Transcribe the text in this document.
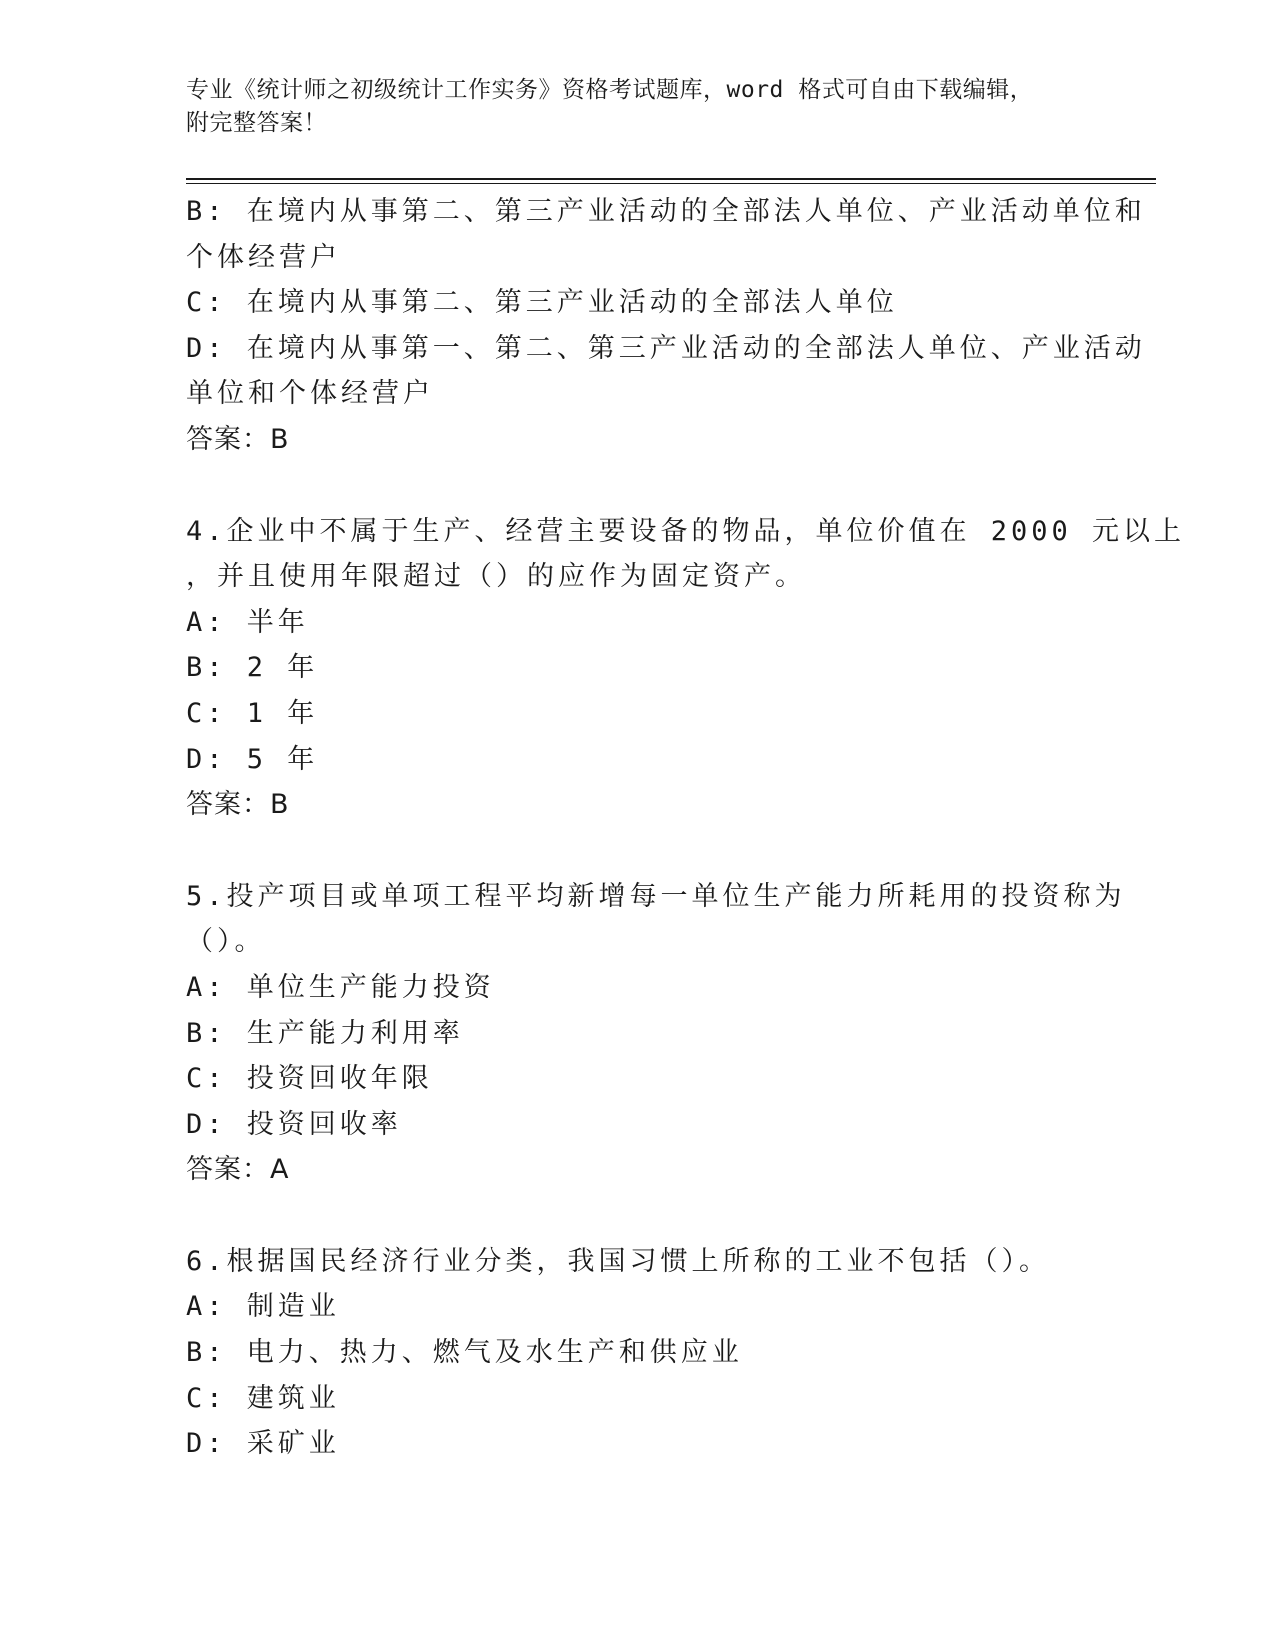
专业《统计师之初级统计工作实务》资格考试题库，word 格式可自由下载编辑，
附完整答案！
B: 在境内从事第二、第三产业活动的全部法人单位、产业活动单位和
个体经营户
C: 在境内从事第二、第三产业活动的全部法人单位
D: 在境内从事第一、第二、第三产业活动的全部法人单位、产业活动
单位和个体经营户
答案：B
4.企业中不属于生产、经营主要设备的物品，单位价值在 2000 元以上
，并且使用年限超过（）的应作为固定资产。
A: 半年
B: 2 年
C: 1 年
D: 5 年
答案：B
5.投产项目或单项工程平均新增每一单位生产能力所耗用的投资称为
（）。
A: 单位生产能力投资
B: 生产能力利用率
C: 投资回收年限
D: 投资回收率
答案：A
6.根据国民经济行业分类，我国习惯上所称的工业不包括（）。
A: 制造业
B: 电力、热力、燃气及水生产和供应业
C: 建筑业
D: 采矿业
